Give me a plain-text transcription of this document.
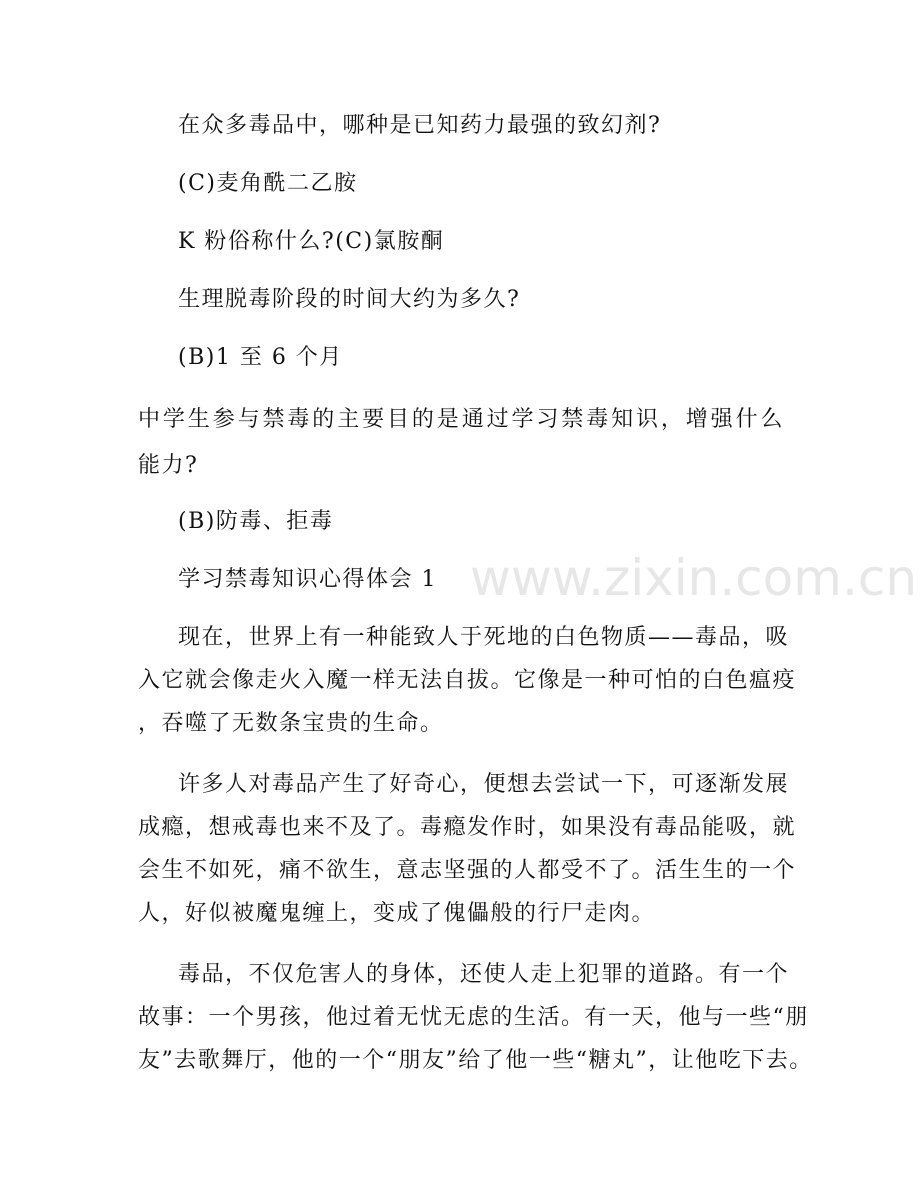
www.zixin.com.cn
在众多毒品中，哪种是已知药力最强的致幻剂?
(C)麦角酰二乙胺
K 粉俗称什么?(C)氯胺酮
生理脱毒阶段的时间大约为多久?
(B)1 至 6 个月
中学生参与禁毒的主要目的是通过学习禁毒知识，增强什么
能力?
(B)防毒、拒毒
学习禁毒知识心得体会 1
现在，世界上有一种能致人于死地的白色物质——毒品，吸
入它就会像走火入魔一样无法自拔。它像是一种可怕的白色瘟疫
，吞噬了无数条宝贵的生命。
许多人对毒品产生了好奇心，便想去尝试一下，可逐渐发展
成瘾，想戒毒也来不及了。毒瘾发作时，如果没有毒品能吸，就
会生不如死，痛不欲生，意志坚强的人都受不了。活生生的一个
人，好似被魔鬼缠上，变成了傀儡般的行尸走肉。
毒品，不仅危害人的身体，还使人走上犯罪的道路。有一个
故事：一个男孩，他过着无忧无虑的生活。有一天，他与一些“朋
友”去歌舞厅，他的一个“朋友”给了他一些“糖丸”，让他吃下去。
